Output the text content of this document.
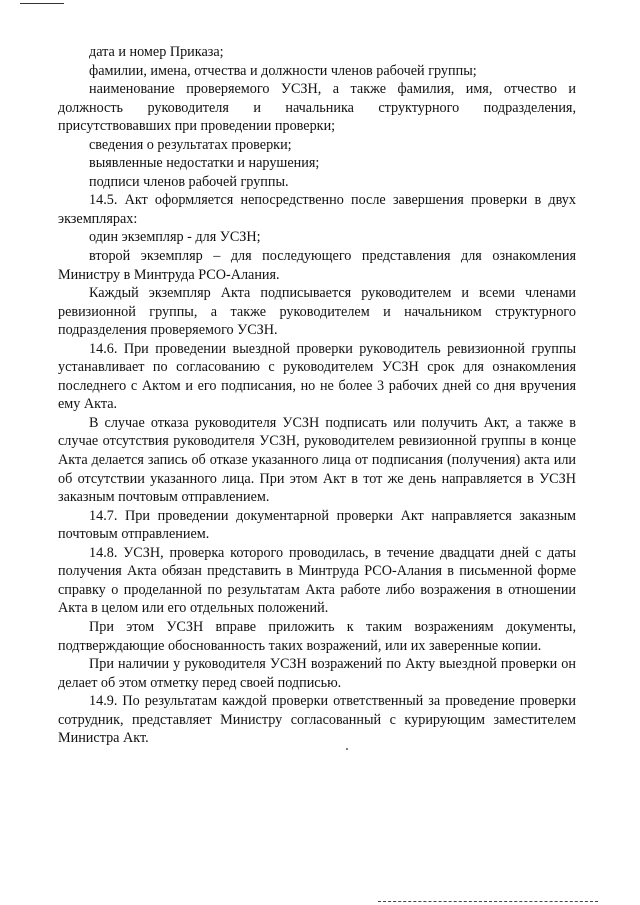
дата и номер Приказа;

фамилии, имена, отчества и должности членов рабочей группы;

наименование проверяемого УСЗН, а также фамилия, имя, отчество и должность руководителя и начальника структурного подразделения, присутствовавших при проведении проверки;

сведения о результатах проверки;

выявленные недостатки и нарушения;

подписи членов рабочей группы.

14.5. Акт оформляется непосредственно после завершения проверки в двух экземплярах:

один экземпляр - для УСЗН;

второй экземпляр – для последующего представления для ознакомления Министру в Минтруда РСО-Алания.

Каждый экземпляр Акта подписывается руководителем и всеми членами ревизионной группы, а также руководителем и начальником структурного подразделения проверяемого УСЗН.

14.6. При проведении выездной проверки руководитель ревизионной группы устанавливает по согласованию с руководителем УСЗН срок для ознакомления последнего с Актом и его подписания, но не более 3 рабочих дней со дня вручения ему Акта.

В случае отказа руководителя УСЗН подписать или получить Акт, а также в случае отсутствия руководителя УСЗН, руководителем ревизионной группы в конце Акта делается запись об отказе указанного лица от подписания (получения) акта или об отсутствии указанного лица. При этом Акт в тот же день направляется в УСЗН заказным почтовым отправлением.

14.7. При проведении документарной проверки Акт направляется заказным почтовым отправлением.

14.8. УСЗН, проверка которого проводилась, в течение двадцати дней с даты получения Акта обязан представить в Минтруда РСО-Алания в письменной форме справку о проделанной по результатам Акта работе либо возражения в отношении Акта в целом или его отдельных положений.

При этом УСЗН вправе приложить к таким возражениям документы, подтверждающие обоснованность таких возражений, или их заверенные копии.

При наличии у руководителя УСЗН возражений по Акту выездной проверки он делает об этом отметку перед своей подписью.

14.9. По результатам каждой проверки ответственный за проведение проверки сотрудник, представляет Министру согласованный с курирующим заместителем Министра Акт.
